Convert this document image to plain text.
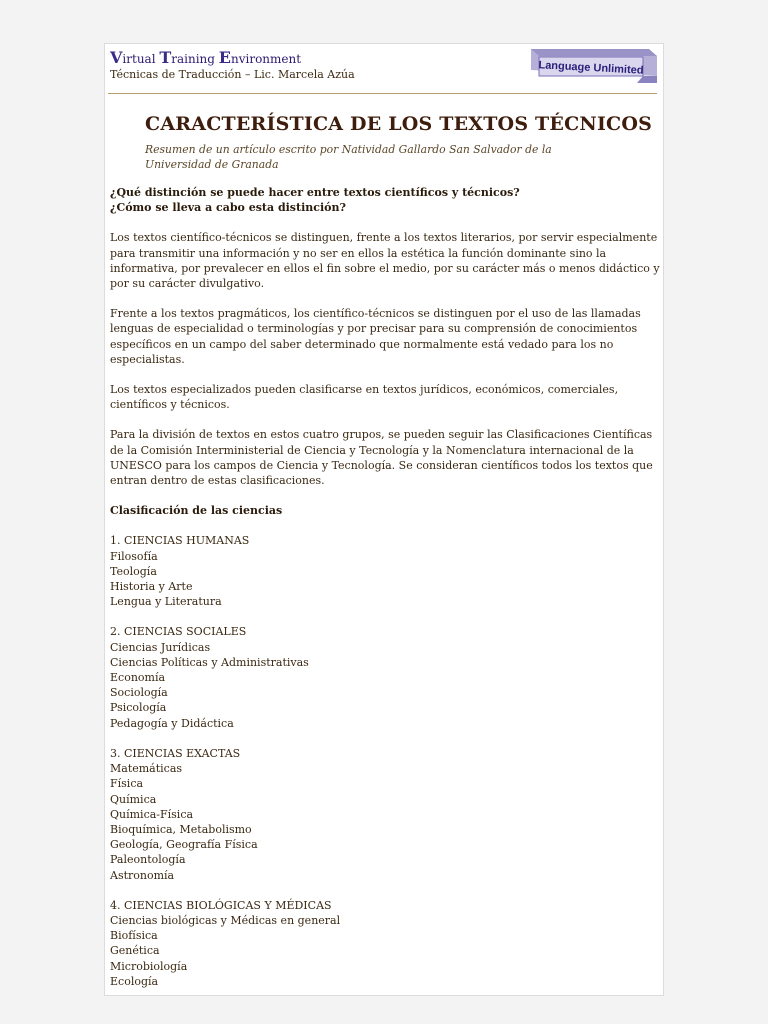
Virtual Training Environment
Técnicas de Traducción – Lic. Marcela Azúa	Language Unlimited
CARACTERÍSTICA DE LOS TEXTOS TÉCNICOS
Resumen de un artículo escrito por Natividad Gallardo San Salvador de la Universidad de Granada

¿Qué distinción se puede hacer entre textos científicos y técnicos?
¿Cómo se lleva a cabo esta distinción?

Los textos científico-técnicos se distinguen, frente a los textos literarios, por servir especialmente para transmitir una información y no ser en ellos la estética la función dominante sino la informativa, por prevalecer en ellos el fin sobre el medio, por su carácter más o menos didáctico y por su carácter divulgativo.

Frente a los textos pragmáticos, los científico-técnicos se distinguen por el uso de las llamadas lenguas de especialidad o terminologías y por precisar para su comprensión de conocimientos específicos en un campo del saber determinado que normalmente está vedado para los no especialistas.

Los textos especializados pueden clasificarse en textos jurídicos, económicos, comerciales, científicos y técnicos.

Para la división de textos en estos cuatro grupos, se pueden seguir las Clasificaciones Científicas de la Comisión Interministerial de Ciencia y Tecnología y la Nomenclatura internacional de la UNESCO para los campos de Ciencia y Tecnología. Se consideran científicos todos los textos que entran dentro de estas clasificaciones.

Clasificación de las ciencias
1. CIENCIAS HUMANAS
Filosofía
Teología
Historia y Arte
Lengua y Literatura
2. CIENCIAS SOCIALES
Ciencias Jurídicas
Ciencias Políticas y Administrativas
Economía
Sociología
Psicología
Pedagogía y Didáctica
3. CIENCIAS EXACTAS
Matemáticas
Física
Química
Química-Física
Bioquímica, Metabolismo
Geología, Geografía Física
Paleontología
Astronomía
4. CIENCIAS BIOLÓGICAS Y MÉDICAS
Ciencias biológicas y Médicas en general
Biofísica
Genética
Microbiología
Ecología
